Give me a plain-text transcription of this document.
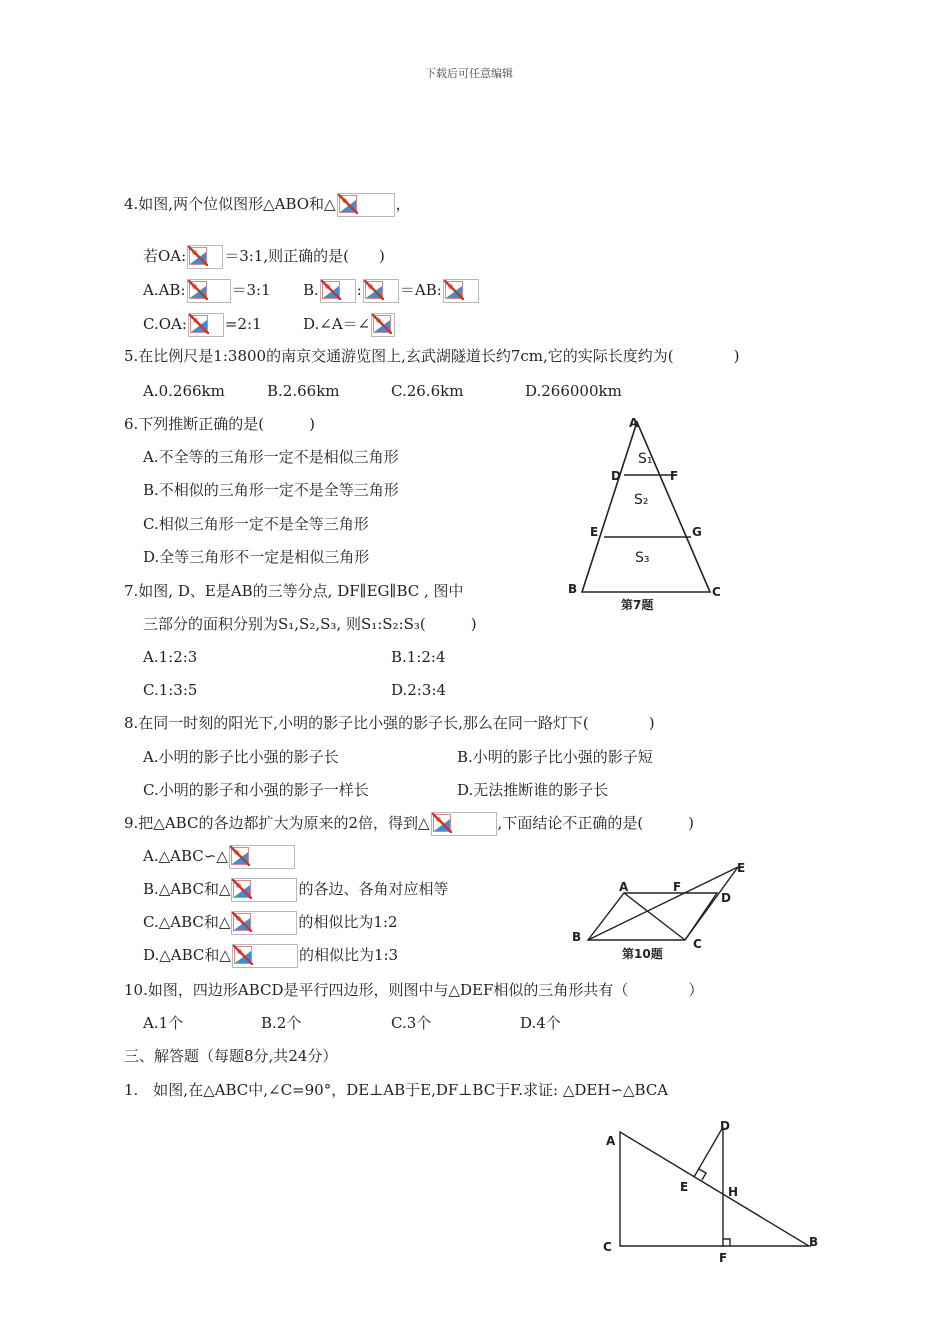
下载后可任意编辑
4.如图,两个位似图形△ABO和△	，
若OA:	＝3:1,则正确的是(　　)
A.AB:	＝3:1 B.	:	＝AB:
C.OA:	=2:1	D.∠A＝∠
5.在比例尺是1:3800的南京交通游览图上,玄武湖隧道长约7cm,它的实际长度约为(　　　　)
A.0.266km	B.2.66km	C.26.6km	D.266000km
6.下列推断正确的是(　　　)
A.不全等的三角形一定不是相似三角形
B.不相似的三角形一定不是全等三角形
C.相似三角形一定不是全等三角形
D.全等三角形不一定是相似三角形
A
D	F
E	G
B	C
第7题
S₁
S₂
S₃
7.如图, D、E是AB的三等分点, DF∥EG∥BC , 图中
三部分的面积分别为S₁,S₂,S₃, 则S₁:S₂:S₃(　　　)
A.1:2:3	B.1:2:4
C.1:3:5	D.2:3:4
8.在同一时刻的阳光下,小明的影子比小强的影子长,那么在同一路灯下(　　　　)
A.小明的影子比小强的影子长	B.小明的影子比小强的影子短
C.小明的影子和小强的影子一样长	D.无法推断谁的影子长
9.把△ABC的各边都扩大为原来的2倍，得到△	,下面结论不正确的是(　　　)
A.△ABC∽△
B.△ABC和△	的各边、各角对应相等
C.△ABC和△	的相似比为1:2
D.△ABC和△	的相似比为1:3
A	F
E
D
B	C
第10题
10.如图，四边形ABCD是平行四边形，则图中与△DEF相似的三角形共有（　　　　）
A.1个	B.2个	C.3个	D.4个
三、解答题（每题8分,共24分）
1.　如图,在△ABC中,∠C=90°，DE⊥AB于E,DF⊥BC于F.求证: △DEH∽△BCA
A
D
E	H
C
F
B
